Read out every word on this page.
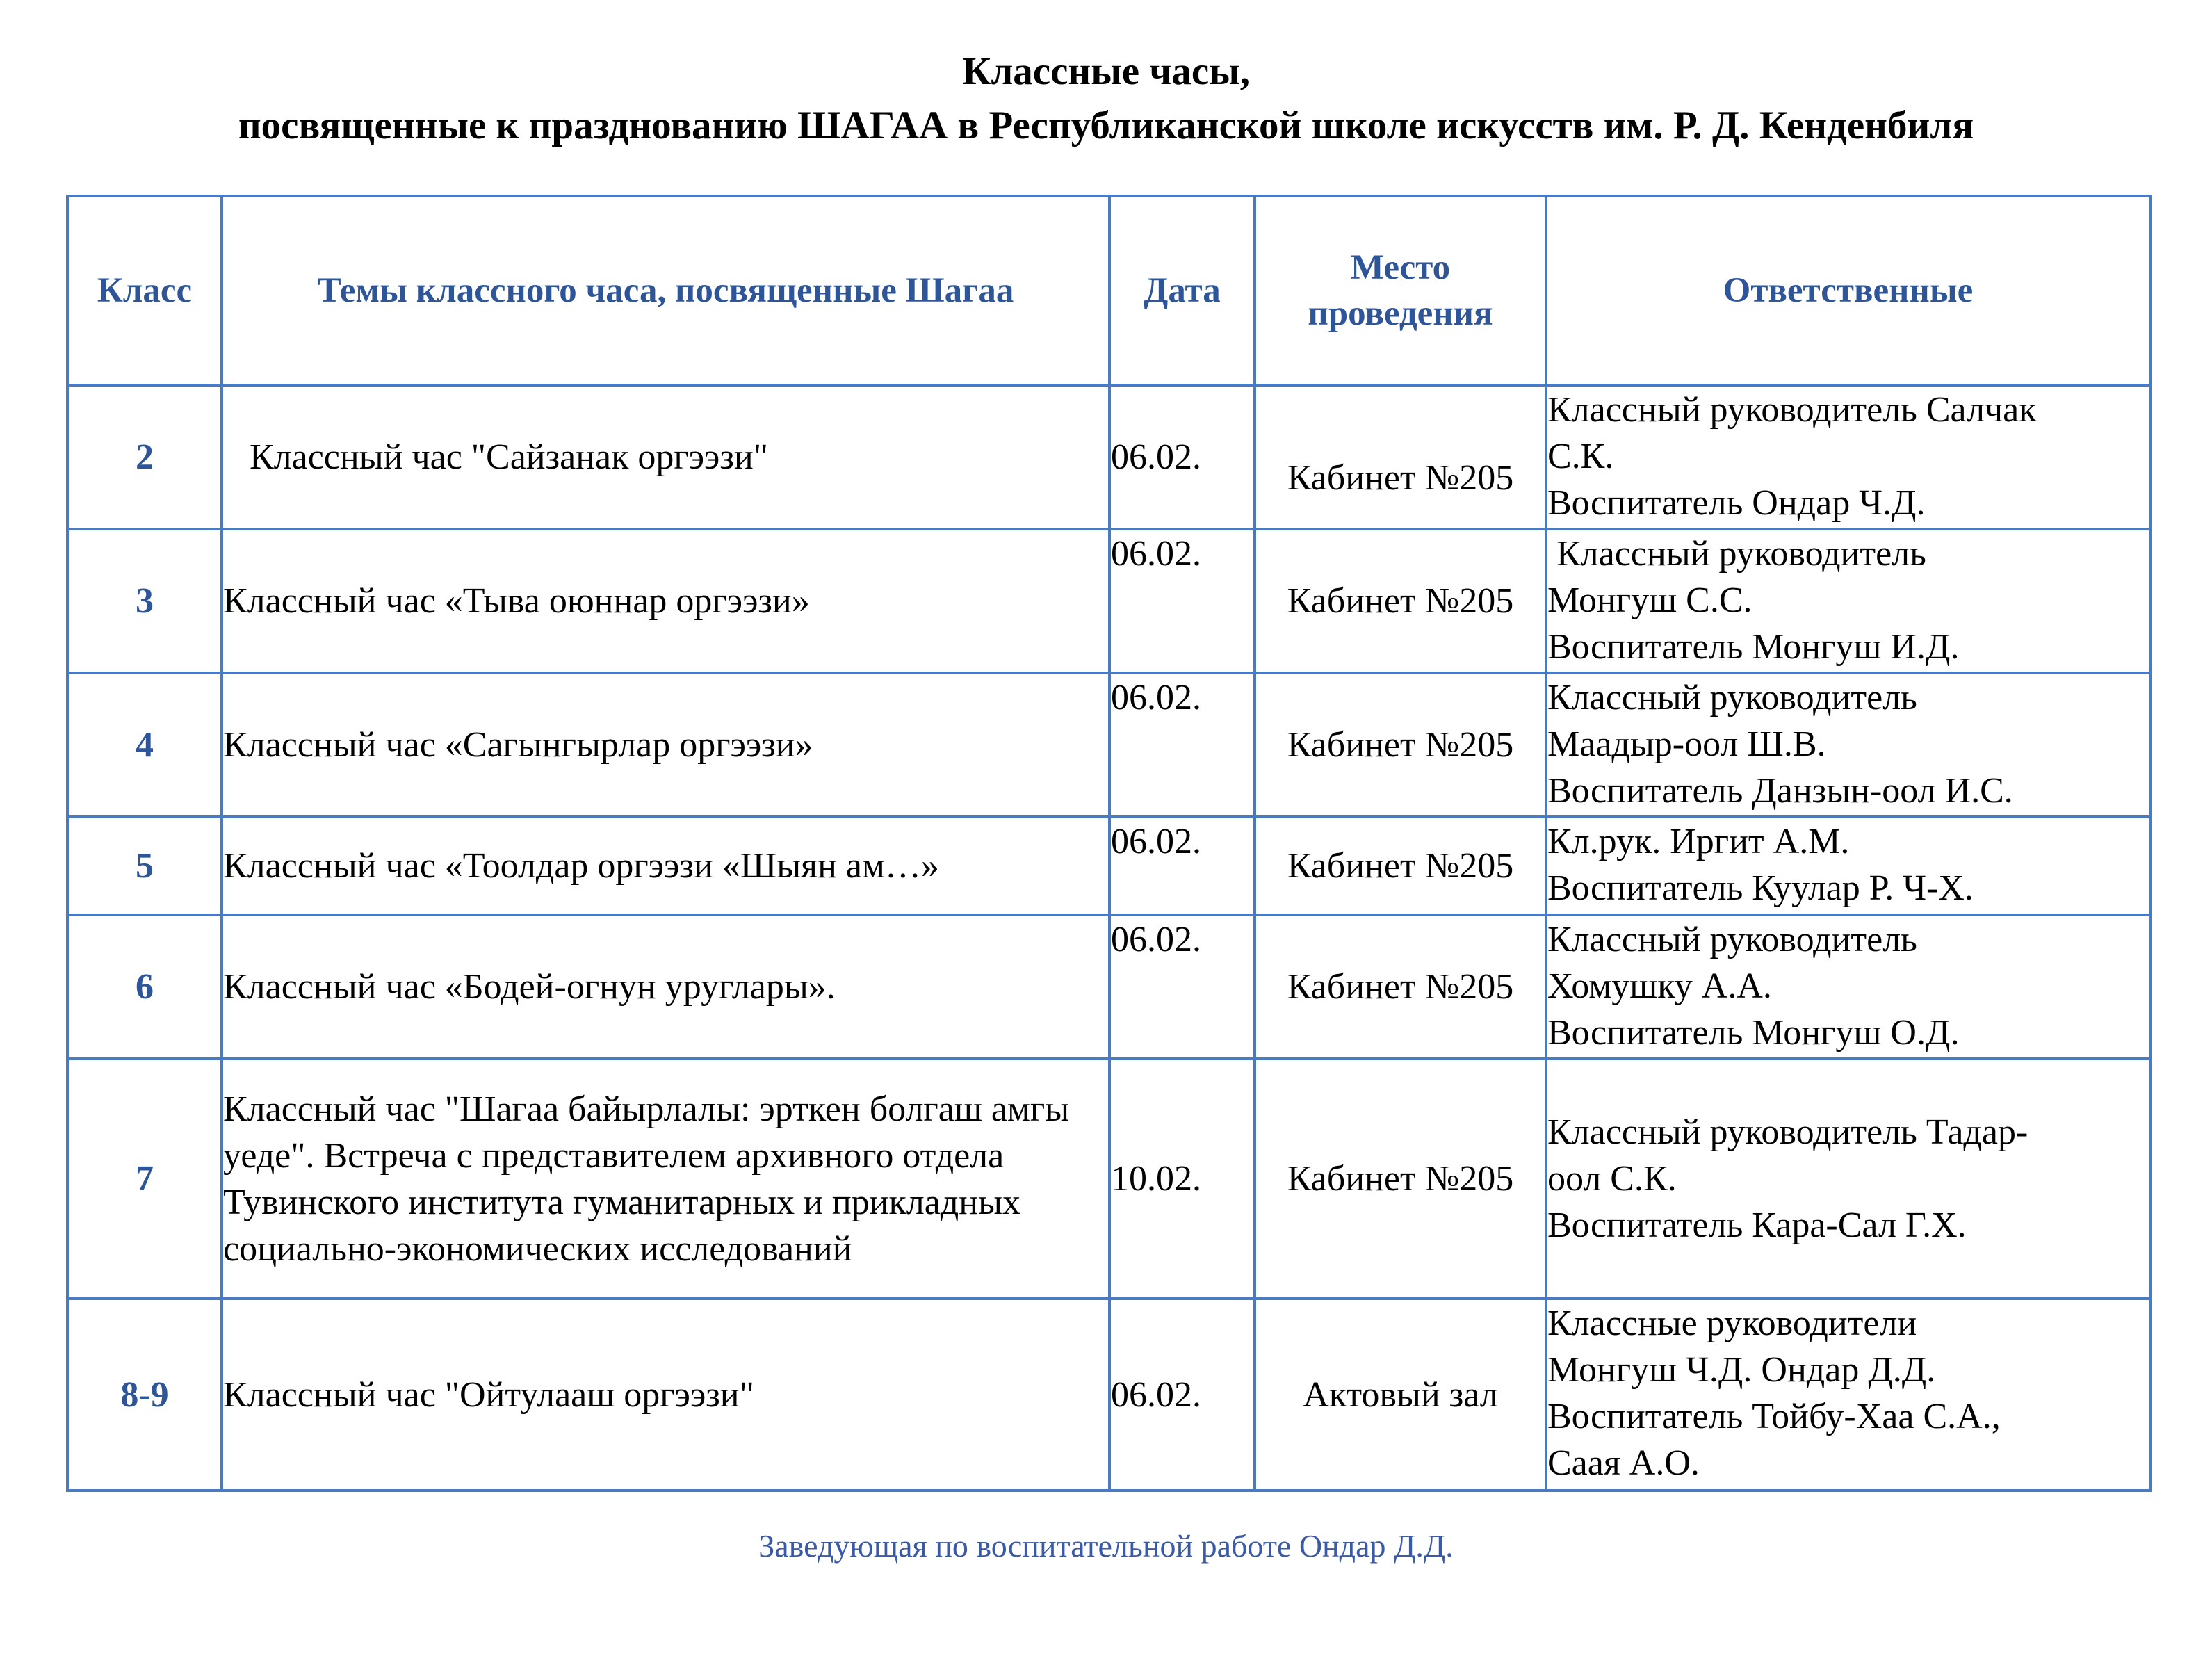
Классные часы,
посвященные к празднованию ШАГАА в Республиканской школе искусств им. Р. Д. Кенденбиля
Класс	Темы классного часа, посвященные Шагаа	Дата	Место
проведения	Ответственные
2	Классный час "Сайзанак оргээзи"	06.02.	Кабинет №205	Классный руководитель Салчак
С.К.
Воспитатель Ондар Ч.Д.

3	Классный час «Тыва оюннар оргээзи»	06.02.	Кабинет №205	Классный руководитель
Монгуш С.С.
Воспитатель Монгуш И.Д.

4	Классный час «Сагынгырлар оргээзи»	06.02.	Кабинет №205	Классный руководитель
Маадыр-оол Ш.В.
Воспитатель Данзын-оол И.С.

5	Классный час «Тоолдар оргээзи «Шыян ам…»	06.02.	Кабинет №205	Кл.рук. Иргит А.М.
Воспитатель Куулар Р. Ч-Х.

6	Классный час «Бодей-огнун уруглары».	06.02.	Кабинет №205	Классный руководитель
Хомушку А.А.
Воспитатель Монгуш О.Д.

7	Классный час "Шагаа байырлалы: эрткен болгаш амгы уеде". Встреча с представителем архивного отдела Тувинского института гуманитарных и прикладных социально-экономических исследований	10.02.	Кабинет №205	Классный руководитель Тадар-
оол С.К.
Воспитатель Кара-Сал Г.Х.

8-9	Классный час "Ойтулааш оргээзи"	06.02.	Актовый зал	Классные руководители
Монгуш Ч.Д. Ондар Д.Д.
Воспитатель Тойбу-Хаа С.А.,
Саая А.О.
Заведующая по воспитательной работе Ондар Д.Д.
